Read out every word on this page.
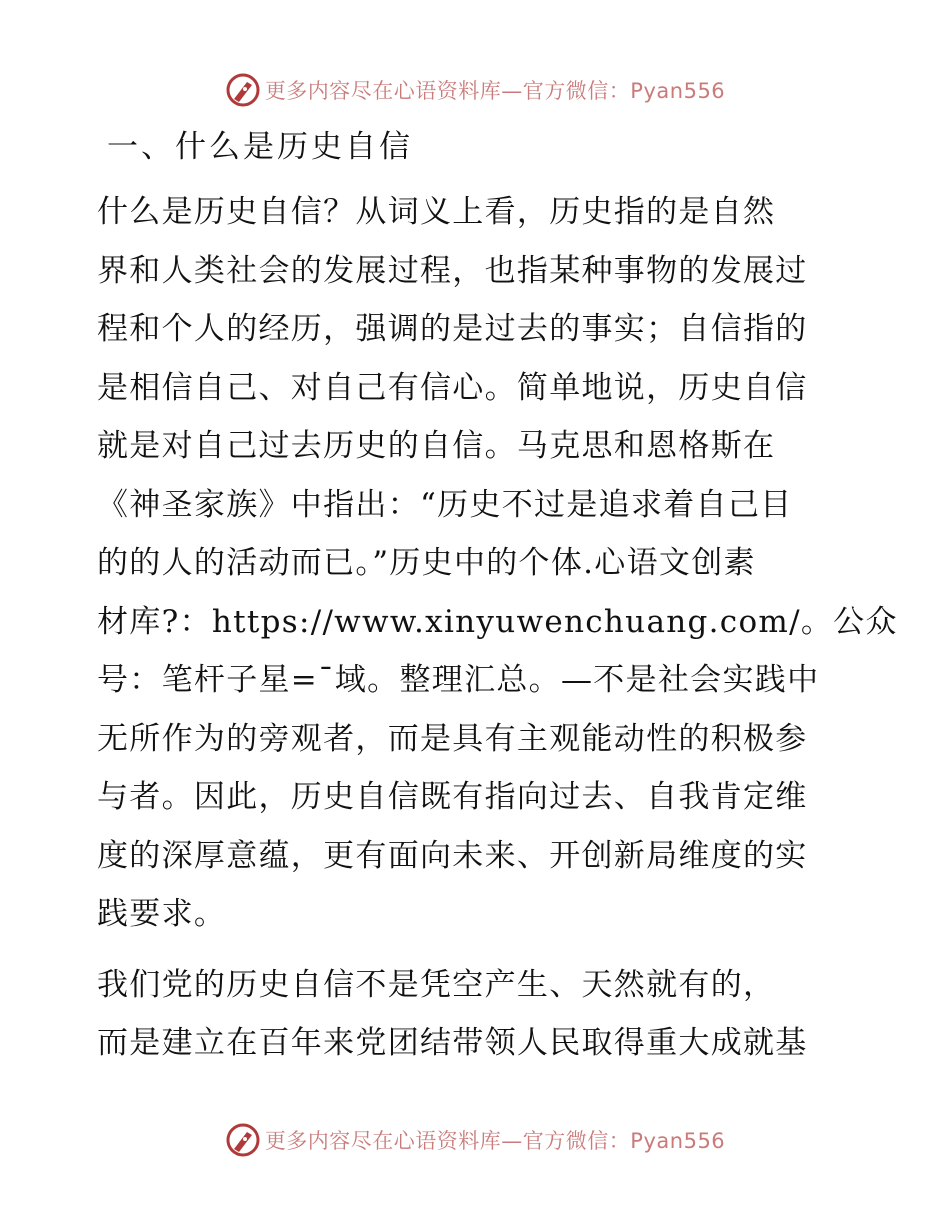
更多内容尽在心语资料库—官方微信：Pyan556
一、什么是历史自信

什么是历史自信？从词义上看，历史指的是自然
界和人类社会的发展过程，也指某种事物的发展过
程和个人的经历，强调的是过去的事实；自信指的
是相信自己、对自己有信心。简单地说，历史自信
就是对自己过去历史的自信。马克思和恩格斯在
《神圣家族》中指出：“历史不过是追求着自己目
的的人的活动而已。”历史中的个体.心语文创素
材库?：https://www.xinyuwenchuang.com/。公众
号：笔杆子星=¯域。整理汇总。—不是社会实践中
无所作为的旁观者，而是具有主观能动性的积极参
与者。因此，历史自信既有指向过去、自我肯定维
度的深厚意蕴，更有面向未来、开创新局维度的实
践要求。

我们党的历史自信不是凭空产生、天然就有的，
而是建立在百年来党团结带领人民取得重大成就基

更多内容尽在心语资料库—官方微信：Pyan556
